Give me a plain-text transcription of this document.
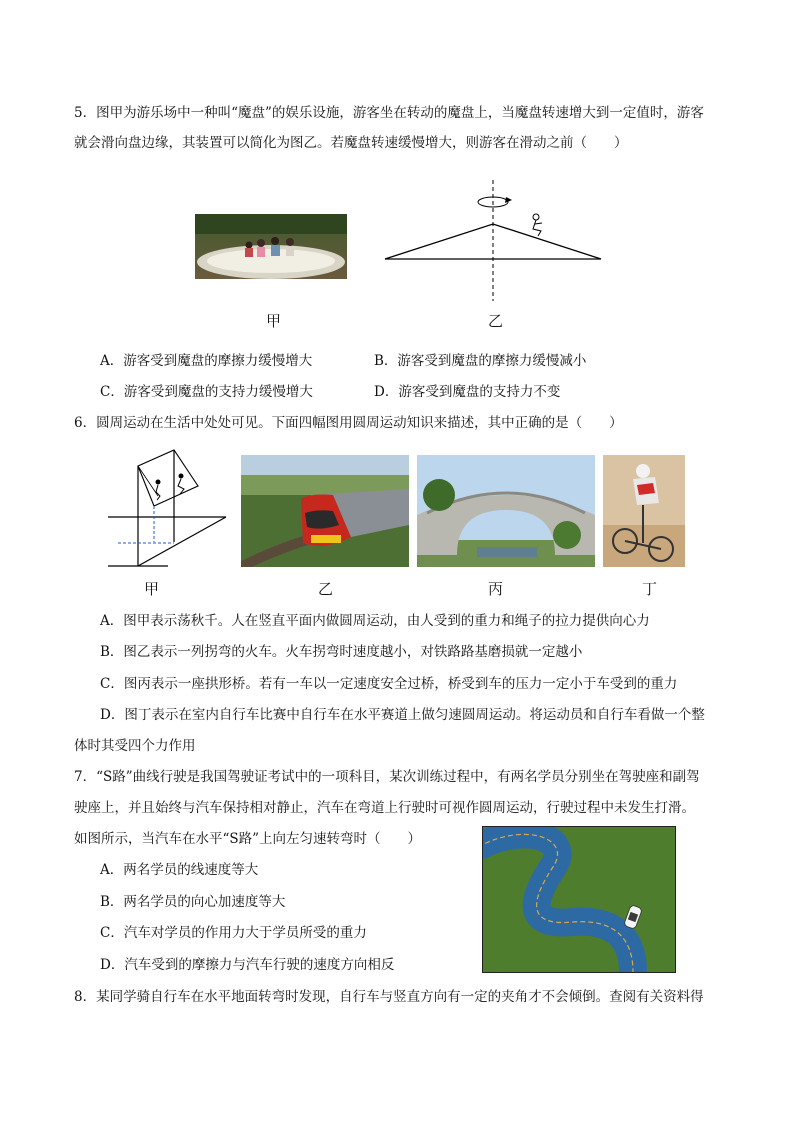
5．图甲为游乐场中一种叫“魔盘”的娱乐设施，游客坐在转动的魔盘上，当魔盘转速增大到一定值时，游客
就会滑向盘边缘，其装置可以简化为图乙。若魔盘转速缓慢增大，则游客在滑动之前（　　）
甲	乙
A．游客受到魔盘的摩擦力缓慢增大	B．游客受到魔盘的摩擦力缓慢减小
C．游客受到魔盘的支持力缓慢增大	D．游客受到魔盘的支持力不变
6．圆周运动在生活中处处可见。下面四幅图用圆周运动知识来描述，其中正确的是（　　）
甲	乙	丙	丁
A．图甲表示荡秋千。人在竖直平面内做圆周运动，由人受到的重力和绳子的拉力提供向心力
B．图乙表示一列拐弯的火车。火车拐弯时速度越小，对铁路路基磨损就一定越小
C．图丙表示一座拱形桥。若有一车以一定速度安全过桥，桥受到车的压力一定小于车受到的重力
D．图丁表示在室内自行车比赛中自行车在水平赛道上做匀速圆周运动。将运动员和自行车看做一个整
体时其受四个力作用
7．“S路”曲线行驶是我国驾驶证考试中的一项科目，某次训练过程中，有两名学员分别坐在驾驶座和副驾
驶座上，并且始终与汽车保持相对静止，汽车在弯道上行驶时可视作圆周运动，行驶过程中未发生打滑。
如图所示，当汽车在水平“S路”上向左匀速转弯时（　　）
A．两名学员的线速度等大
B．两名学员的向心加速度等大
C．汽车对学员的作用力大于学员所受的重力
D．汽车受到的摩擦力与汽车行驶的速度方向相反
8．某同学骑自行车在水平地面转弯时发现，自行车与竖直方向有一定的夹角才不会倾倒。查阅有关资料得
